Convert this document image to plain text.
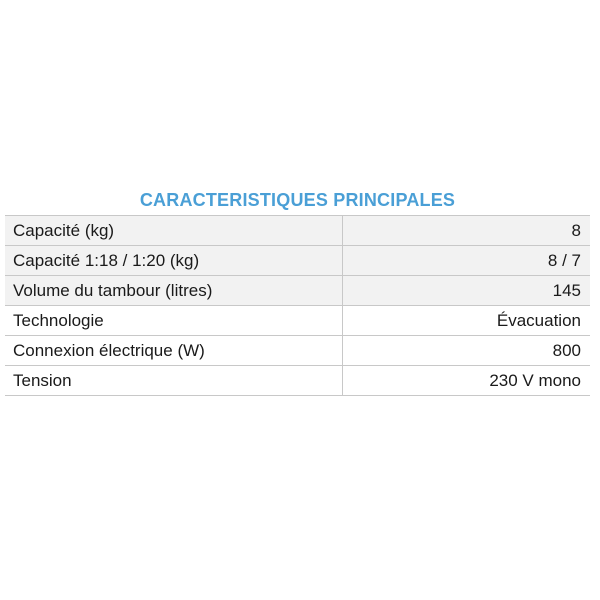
CARACTERISTIQUES PRINCIPALES
Capacité (kg)	8
Capacité 1:18 / 1:20 (kg)	8 / 7
Volume du tambour (litres)	145
Technologie	Évacuation
Connexion électrique (W)	800
Tension	230 V mono
